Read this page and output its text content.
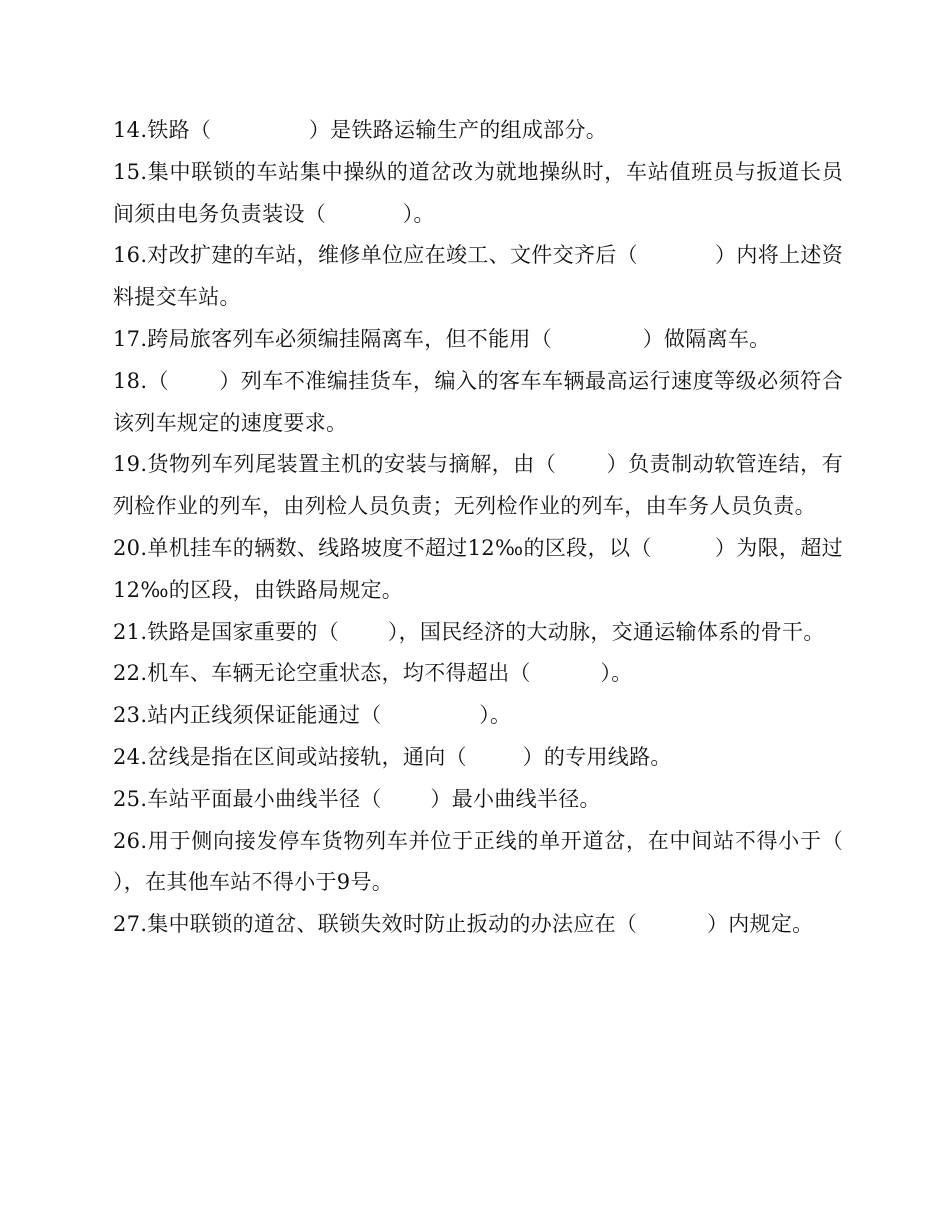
14.铁路（              ）是铁路运输生产的组成部分。

15.集中联锁的车站集中操纵的道岔改为就地操纵时，车站值班员与扳道长员间须由电务负责装设（           ）。

16.对改扩建的车站，维修单位应在竣工、文件交齐后（           ）内将上述资料提交车站。

17.跨局旅客列车必须编挂隔离车，但不能用（             ）做隔离车。

18.（       ）列车不准编挂货车，编入的客车车辆最高运行速度等级必须符合该列车规定的速度要求。

19.货物列车列尾装置主机的安装与摘解，由（       ）负责制动软管连结，有列检作业的列车，由列检人员负责；无列检作业的列车，由车务人员负责。

20.单机挂车的辆数、线路坡度不超过12‰的区段，以（         ）为限，超过12‰的区段，由铁路局规定。

21.铁路是国家重要的（       ），国民经济的大动脉，交通运输体系的骨干。

22.机车、车辆无论空重状态，均不得超出（          ）。

23.站内正线须保证能通过（              ）。

24.岔线是指在区间或站接轨，通向（        ）的专用线路。

25.车站平面最小曲线半径（       ）最小曲线半径。

26.用于侧向接发停车货物列车并位于正线的单开道岔，在中间站不得小于（       ），在其他车站不得小于9号。

27.集中联锁的道岔、联锁失效时防止扳动的办法应在（          ）内规定。
